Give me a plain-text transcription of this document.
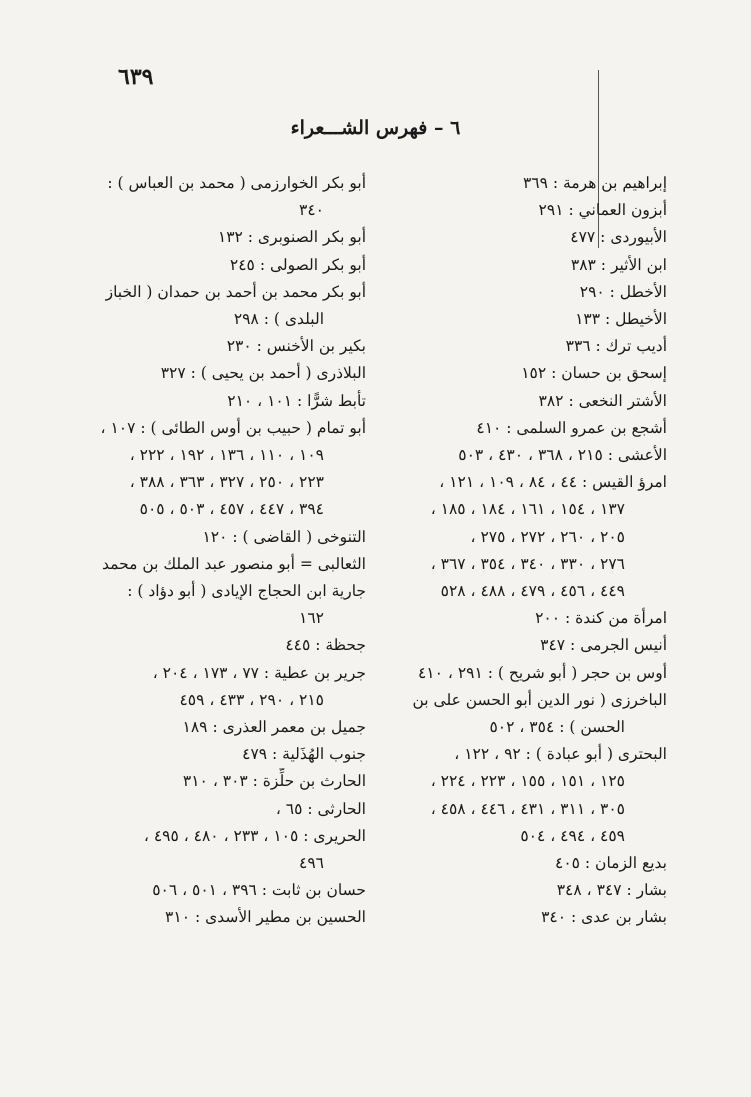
٦٣٩
٦ – فهرس الشـــعراء
إبراهيم بن هرمة : ٣٦٩
أبزون العماني : ٢٩١
الأبيوردى : ٤٧٧
ابن الأثير : ٣٨٣
الأخطل : ٢٩٠
الأخيطل : ١٣٣
أديب ترك : ٣٣٦
إسحق بن حسان : ١٥٢
الأشتر النخعى : ٣٨٢
أشجع بن عمرو السلمى : ٤١٠
الأعشى : ٢١٥ ، ٣٦٨ ، ٤٣٠ ، ٥٠٣
امرؤ القيس : ٤٤ ، ٨٤ ، ١٠٩ ، ١٢١ ،
١٣٧ ، ١٥٤ ، ١٦١ ، ١٨٤ ، ١٨٥ ،
٢٠٥ ، ٢٦٠ ، ٢٧٢ ، ٢٧٥ ،
٢٧٦ ، ٣٣٠ ، ٣٤٠ ، ٣٥٤ ، ٣٦٧ ،
٤٤٩ ، ٤٥٦ ، ٤٧٩ ، ٤٨٨ ، ٥٢٨
امرأة من كندة : ٢٠٠
أنيس الجرمى : ٣٤٧
أوس بن حجر ( أبو شريح ) : ٢٩١ ، ٤١٠
الباخرزى ( نور الدين أبو الحسن على بن
الحسن ) : ٣٥٤ ، ٥٠٢
البحترى ( أبو عبادة ) : ٩٢ ، ١٢٢ ،
١٢٥ ، ١٥١ ، ١٥٥ ، ٢٢٣ ، ٢٢٤ ،
٣٠٥ ، ٣١١ ، ٤٣١ ، ٤٤٦ ، ٤٥٨ ،
٤٥٩ ، ٤٩٤ ، ٥٠٤
بديع الزمان : ٤٠٥
بشار : ٣٤٧ ، ٣٤٨
بشار بن عدى : ٣٤٠
أبو بكر الخوارزمى ( محمد بن العباس ) :
٣٤٠
أبو بكر الصنوبرى : ١٣٢
أبو بكر الصولى : ٢٤٥
أبو بكر محمد بن أحمد بن حمدان ( الخباز
البلدى ) : ٢٩٨
بكير بن الأخنس : ٢٣٠
البلاذرى ( أحمد بن يحيى ) : ٣٢٧
تأبط شرًّا : ١٠١ ، ٢١٠
أبو تمام ( حبيب بن أوس الطائى ) : ١٠٧ ،
١٠٩ ، ١١٠ ، ١٣٦ ، ١٩٢ ، ٢٢٢ ،
٢٢٣ ، ٢٥٠ ، ٣٢٧ ، ٣٦٣ ، ٣٨٨ ،
٣٩٤ ، ٤٤٧ ، ٤٥٧ ، ٥٠٣ ، ٥٠٥
التنوخى ( القاضى ) : ١٢٠
الثعالبى = أبو منصور عبد الملك بن محمد
جارية ابن الحجاج الإيادى ( أبو دؤاد ) :
١٦٢
جحظة : ٤٤٥
جرير بن عطية : ٧٧ ، ١٧٣ ، ٢٠٤ ،
٢١٥ ، ٢٩٠ ، ٤٣٣ ، ٤٥٩
جميل بن معمر العذرى : ١٨٩
جنوب الهُذَلية : ٤٧٩
الحارث بن حلِّزة : ٣٠٣ ، ٣١٠
الحارثى : ٦٥ ،
الحريرى : ١٠٥ ، ٢٣٣ ، ٤٨٠ ، ٤٩٥ ،
٤٩٦
حسان بن ثابت : ٣٩٦ ، ٥٠١ ، ٥٠٦
الحسين بن مطير الأسدى : ٣١٠
